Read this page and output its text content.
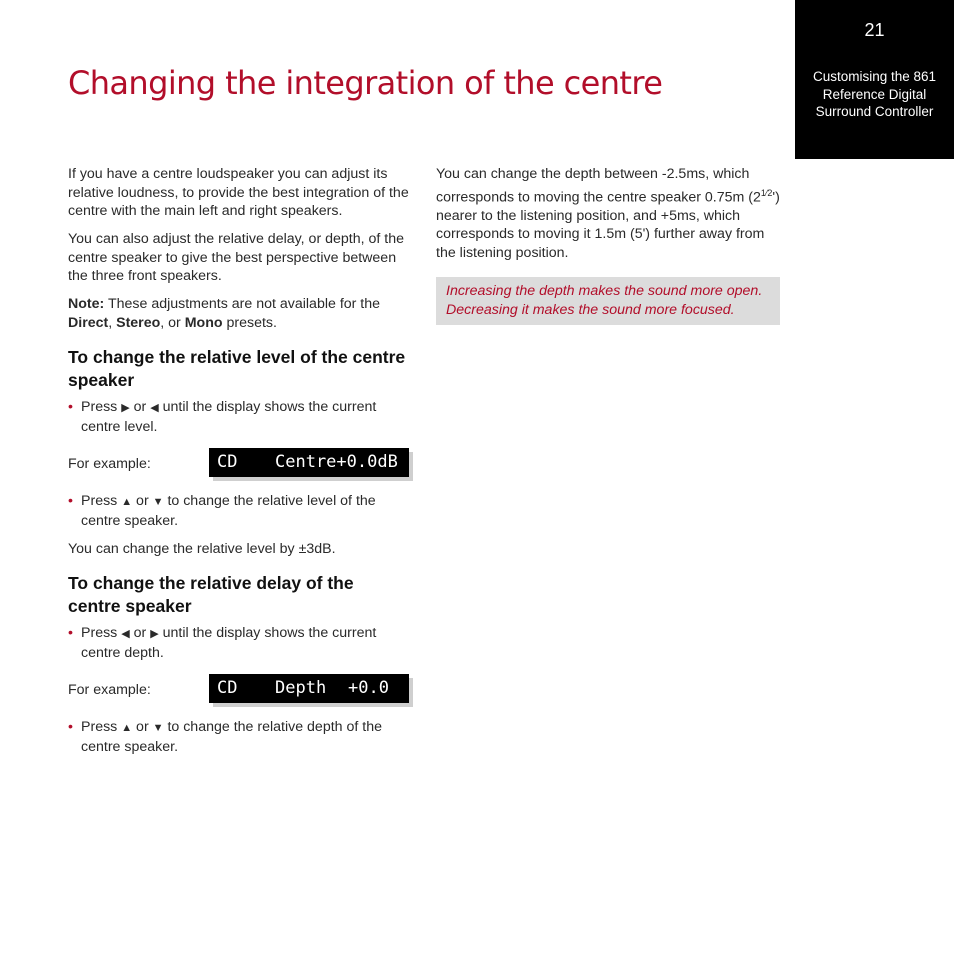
21
Customising the 861
Reference Digital
Surround Controller
Changing the integration of the centre

If you have a centre loudspeaker you can adjust its relative loudness, to provide the best integration of the centre with the main left and right speakers.

You can also adjust the relative delay, or depth, of the centre speaker to give the best perspective between the three front speakers.

Note: These adjustments are not available for the Direct, Stereo, or Mono presets.

To change the relative level of the centre speaker
• Press ▶ or ◀ until the display shows the current centre level.
For example:	CD Centre+0.0dB
• Press ▲ or ▼ to change the relative level of the centre speaker.

You can change the relative level by ±3dB.

To change the relative delay of the centre speaker
• Press ◀ or ▶ until the display shows the current centre depth.
For example:	CD Depth +0.0
• Press ▲ or ▼ to change the relative depth of the centre speaker.

You can change the depth between -2.5ms, which corresponds to moving the centre speaker 0.75m $(2^{1⁄2}')$ nearer to the listening position, and +5ms, which corresponds to moving it 1.5m (5') further away from the listening position.

Increasing the depth makes the sound more open. Decreasing it makes the sound more focused.
